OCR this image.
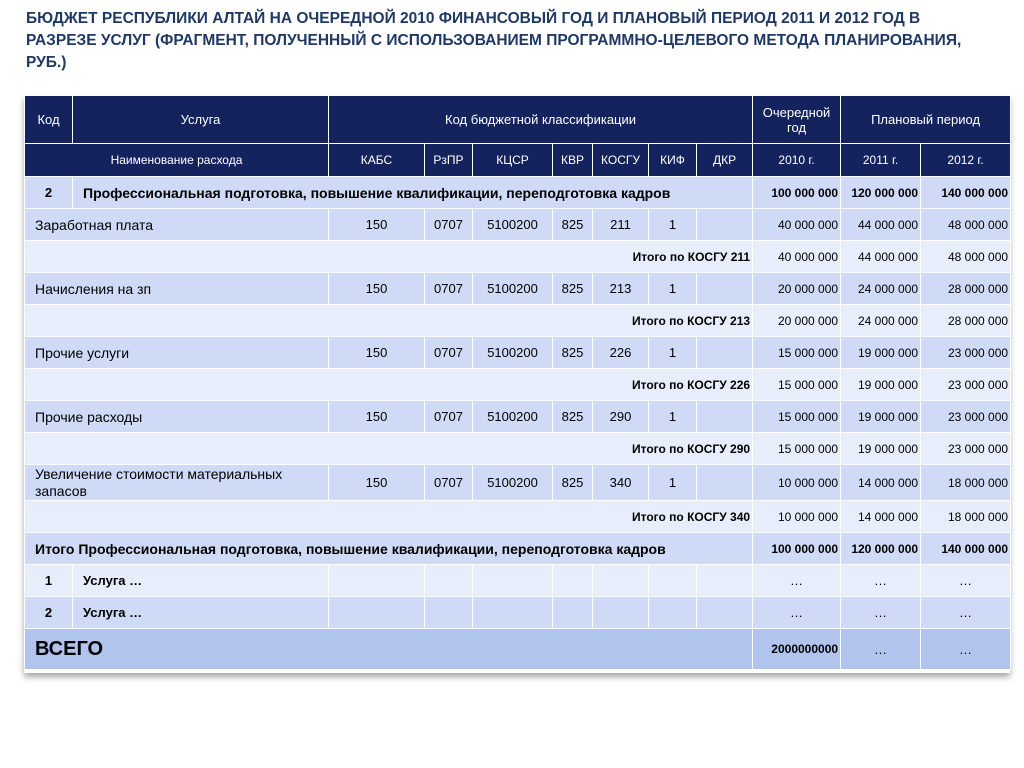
БЮДЖЕТ РЕСПУБЛИКИ АЛТАЙ НА ОЧЕРЕДНОЙ 2010 ФИНАНСОВЫЙ ГОД И ПЛАНОВЫЙ ПЕРИОД 2011 И 2012 ГОД В РАЗРЕЗЕ УСЛУГ (ФРАГМЕНТ, ПОЛУЧЕННЫЙ С ИСПОЛЬЗОВАНИЕМ ПРОГРАММНО-ЦЕЛЕВОГО МЕТОДА ПЛАНИРОВАНИЯ, РУБ.)
Код	Услуга	Код бюджетной классификации							Очередной год	Плановый период	
Наименование расхода		КАБС	РзПР	КЦСР	КВР	КОСГУ	КИФ	ДКР	2010 г.	2011 г.	2012 г.
2	Профессиональная подготовка, повышение квалификации, переподготовка кадров								100 000 000	120 000 000	140 000 000
Заработная плата		150	0707	5100200	825	211	1		40 000 000	44 000 000	48 000 000
Итого по КОСГУ 211									40 000 000	44 000 000	48 000 000
Начисления на зп		150	0707	5100200	825	213	1		20 000 000	24 000 000	28 000 000
Итого по КОСГУ 213									20 000 000	24 000 000	28 000 000
Прочие услуги		150	0707	5100200	825	226	1		15 000 000	19 000 000	23 000 000
Итого по КОСГУ 226									15 000 000	19 000 000	23 000 000
Прочие расходы		150	0707	5100200	825	290	1		15 000 000	19 000 000	23 000 000
Итого по КОСГУ 290									15 000 000	19 000 000	23 000 000
Увеличение стоимости материальных запасов		150	0707	5100200	825	340	1		10 000 000	14 000 000	18 000 000
Итого по КОСГУ 340									10 000 000	14 000 000	18 000 000
Итого Профессиональная подготовка, повышение квалификации, переподготовка кадров									100 000 000	120 000 000	140 000 000
1	Услуга …								…	…	…
2	Услуга …								…	…	…
ВСЕГО									2000000000	…	…
